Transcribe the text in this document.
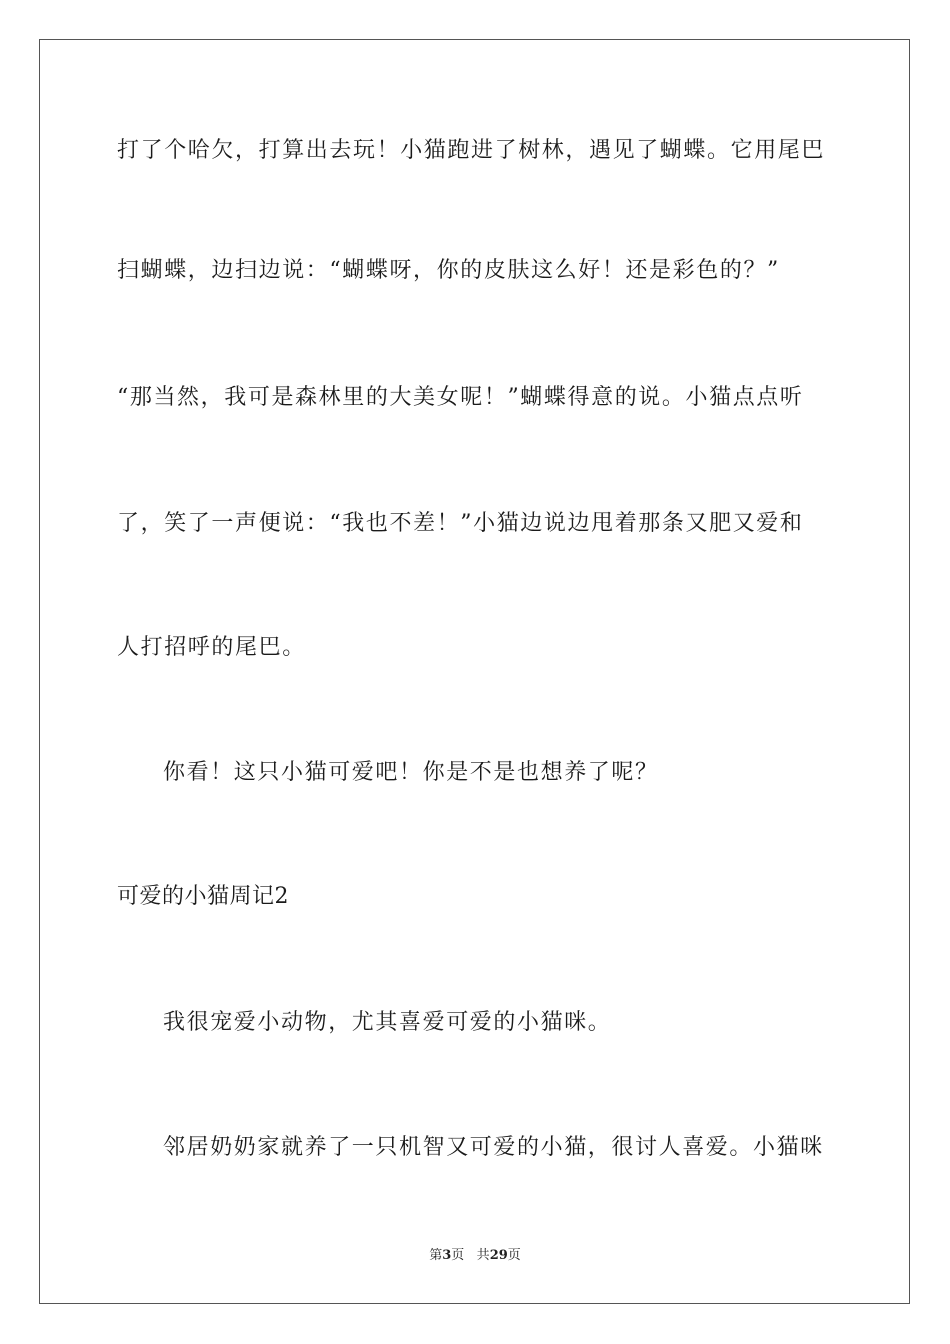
打了个哈欠，打算出去玩！小猫跑进了树林，遇见了蝴蝶。它用尾巴
扫蝴蝶，边扫边说：“蝴蝶呀，你的皮肤这么好！还是彩色的？”
“那当然，我可是森林里的大美女呢！”蝴蝶得意的说。小猫点点听
了，笑了一声便说：“我也不差！”小猫边说边甩着那条又肥又爱和
人打招呼的尾巴。
你看！这只小猫可爱吧！你是不是也想养了呢？
可爱的小猫周记2
我很宠爱小动物，尤其喜爱可爱的小猫咪。
邻居奶奶家就养了一只机智又可爱的小猫，很讨人喜爱。小猫咪
第3页 共29页
